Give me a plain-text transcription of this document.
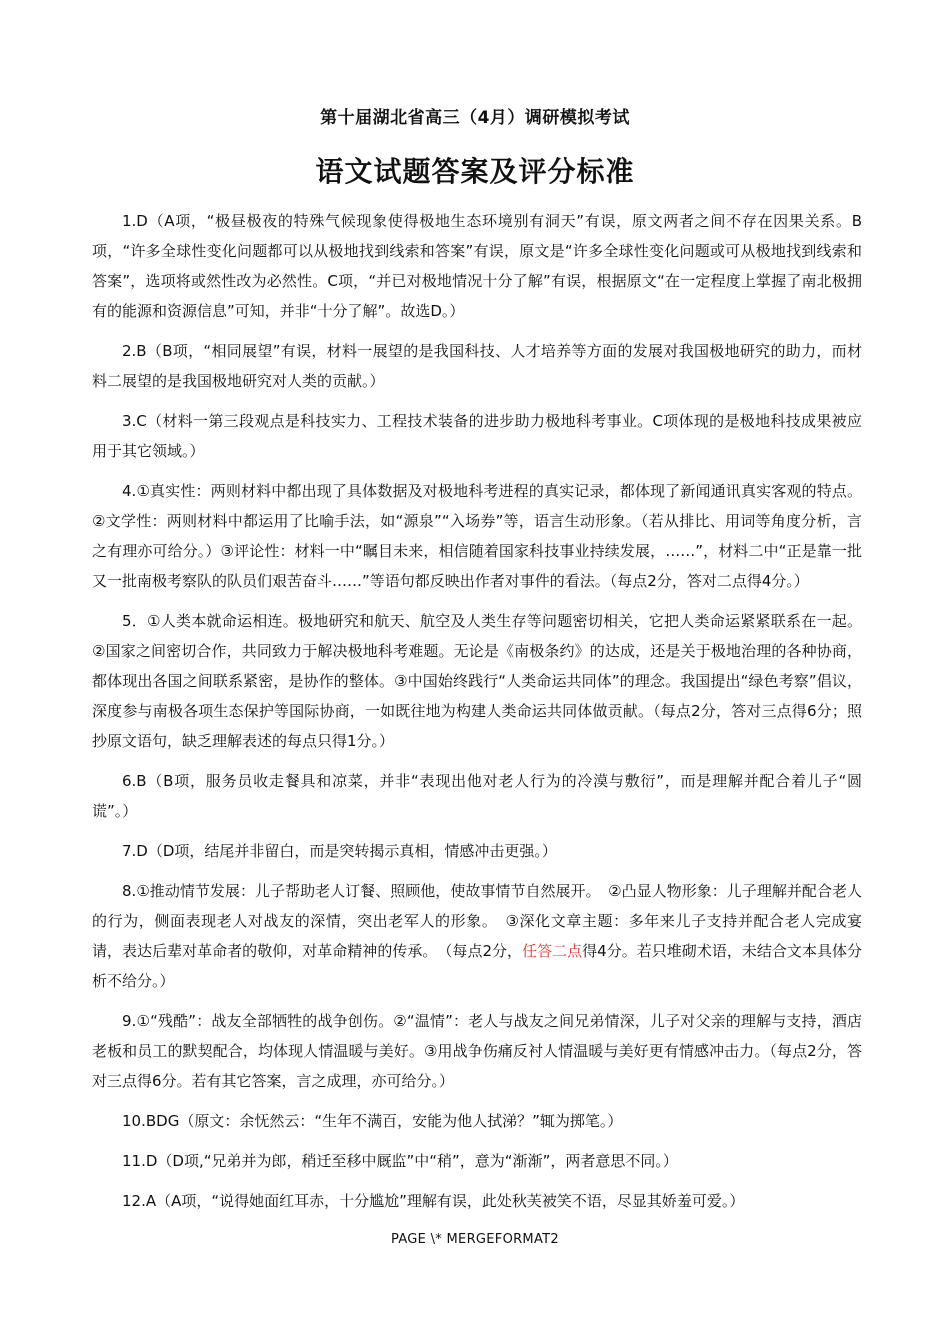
第十届湖北省高三（4月）调研模拟考试
语文试题答案及评分标准

1.D（A项，“极昼极夜的特殊气候现象使得极地生态环境别有洞天”有误，原文两者之间不存在因果关系。B项，“许多全球性变化问题都可以从极地找到线索和答案”有误，原文是“许多全球性变化问题或可从极地找到线索和答案”，选项将或然性改为必然性。C项，“并已对极地情况十分了解”有误，根据原文“在一定程度上掌握了南北极拥有的能源和资源信息”可知，并非“十分了解”。故选D。）

2.B（B项，“相同展望”有误，材料一展望的是我国科技、人才培养等方面的发展对我国极地研究的助力，而材料二展望的是我国极地研究对人类的贡献。）

3.C（材料一第三段观点是科技实力、工程技术装备的进步助力极地科考事业。C项体现的是极地科技成果被应用于其它领域。）

4.①真实性：两则材料中都出现了具体数据及对极地科考进程的真实记录，都体现了新闻通讯真实客观的特点。②文学性：两则材料中都运用了比喻手法，如“源泉”“入场券”等，语言生动形象。（若从排比、用词等角度分析，言之有理亦可给分。）③评论性：材料一中“瞩目未来，相信随着国家科技事业持续发展，……”，材料二中“正是靠一批又一批南极考察队的队员们艰苦奋斗……”等语句都反映出作者对事件的看法。（每点2分，答对二点得4分。）

5．①人类本就命运相连。极地研究和航天、航空及人类生存等问题密切相关，它把人类命运紧紧联系在一起。②国家之间密切合作，共同致力于解决极地科考难题。无论是《南极条约》的达成，还是关于极地治理的各种协商，都体现出各国之间联系紧密，是协作的整体。③中国始终践行“人类命运共同体”的理念。我国提出“绿色考察”倡议，深度参与南极各项生态保护等国际协商，一如既往地为构建人类命运共同体做贡献。（每点2分，答对三点得6分；照抄原文语句，缺乏理解表述的每点只得1分。）

6.B（B项，服务员收走餐具和凉菜，并非“表现出他对老人行为的冷漠与敷衍”，而是理解并配合着儿子“圆谎”。）

7.D（D项，结尾并非留白，而是突转揭示真相，情感冲击更强。）

8.①推动情节发展：儿子帮助老人订餐、照顾他，使故事情节自然展开。　②凸显人物形象：儿子理解并配合老人的行为，侧面表现老人对战友的深情，突出老军人的形象。　③深化文章主题：多年来儿子支持并配合老人完成宴请，表达后辈对革命者的敬仰，对革命精神的传承。　（每点2分，任答二点得4分。若只堆砌术语，未结合文本具体分析不给分。）

9.①“残酷”：战友全部牺牲的战争创伤。②“温情”：老人与战友之间兄弟情深，儿子对父亲的理解与支持，酒店老板和员工的默契配合，均体现人情温暖与美好。③用战争伤痛反衬人情温暖与美好更有情感冲击力。（每点2分，答对三点得6分。若有其它答案，言之成理，亦可给分。）

10.BDG（原文：余怃然云：“生年不满百，安能为他人拭涕？”辄为掷笔。）

11.D（D项,“兄弟并为郎，稍迁至移中厩监”中“稍”，意为“渐渐”，两者意思不同。）

12.A（A项，“说得她面红耳赤，十分尴尬”理解有误，此处秋芙被笑不语，尽显其娇羞可爱。）

PAGE \* MERGEFORMAT2
